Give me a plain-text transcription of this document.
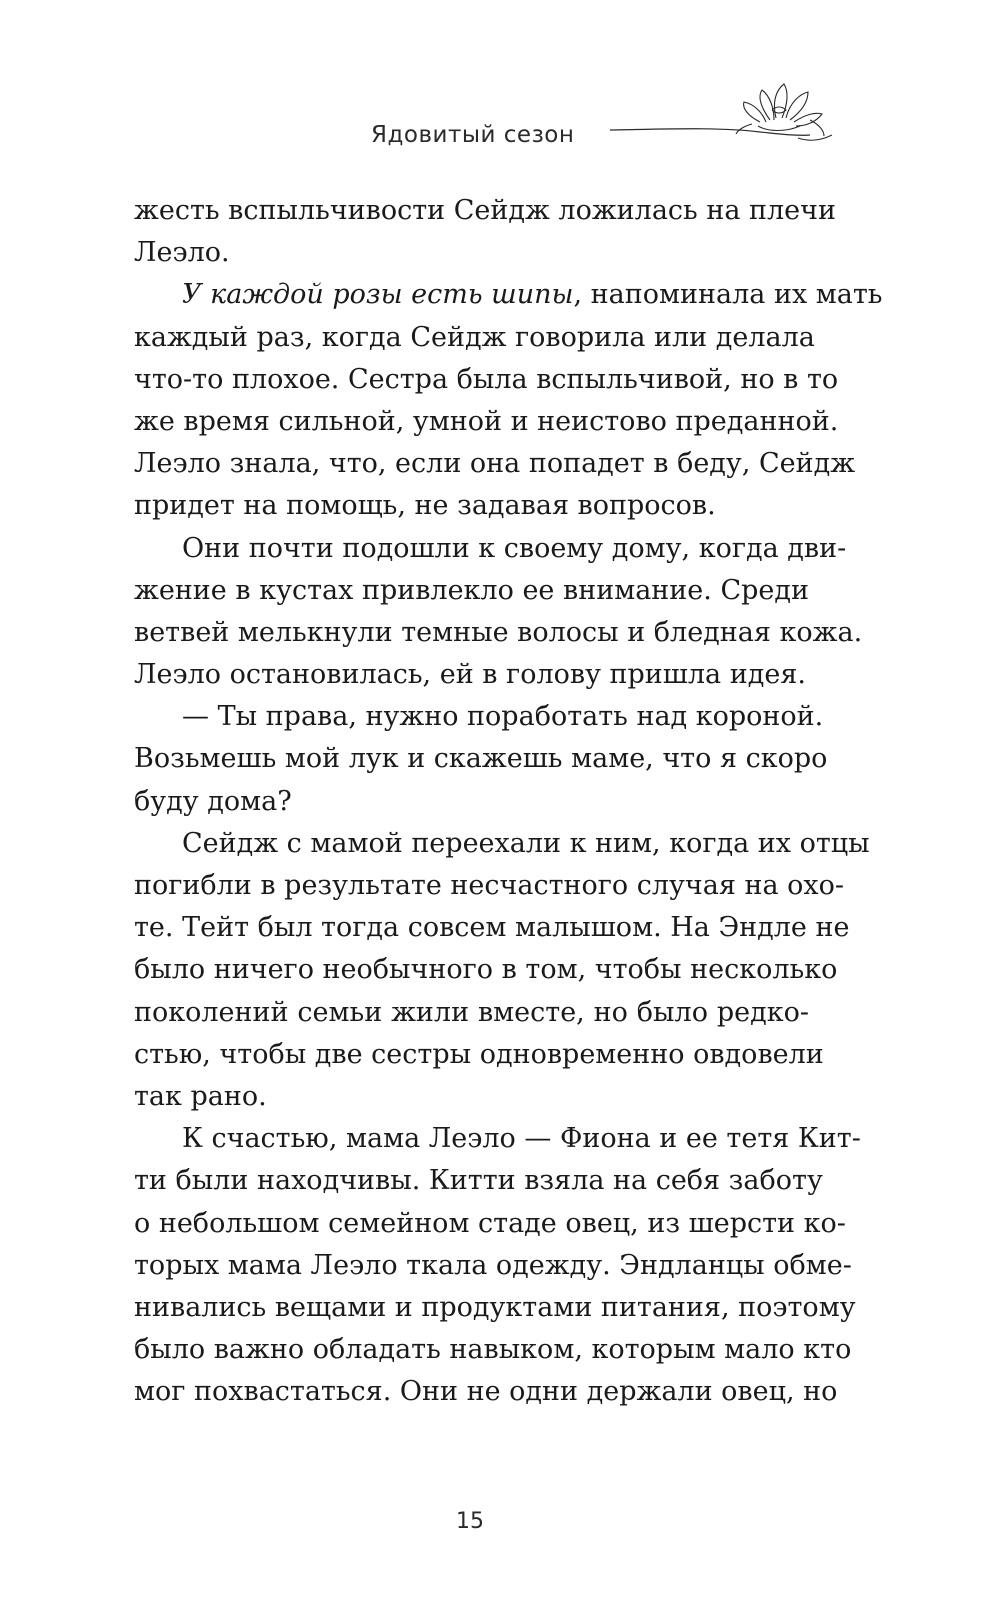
Ядовитый сезон
жесть вспыльчивости Сейдж ложилась на плечи
Леэло.
У каждой розы есть шипы, напоминала их мать
каждый раз, когда Сейдж говорила или делала
что-то плохое. Сестра была вспыльчивой, но в то
же время сильной, умной и неистово преданной.
Леэло знала, что, если она попадет в беду, Сейдж
придет на помощь, не задавая вопросов.
Они почти подошли к своему дому, когда дви-
жение в кустах привлекло ее внимание. Среди
ветвей мелькнули темные волосы и бледная кожа.
Леэло остановилась, ей в голову пришла идея.
— Ты права, нужно поработать над короной.
Возьмешь мой лук и скажешь маме, что я скоро
буду дома?
Сейдж с мамой переехали к ним, когда их отцы
погибли в результате несчастного случая на охо-
те. Тейт был тогда совсем малышом. На Эндле не
было ничего необычного в том, чтобы несколько
поколений семьи жили вместе, но было редко-
стью, чтобы две сестры одновременно овдовели
так рано.
К счастью, мама Леэло — Фиона и ее тетя Кит-
ти были находчивы. Китти взяла на себя заботу
о небольшом семейном стаде овец, из шерсти ко-
торых мама Леэло ткала одежду. Эндланцы обме-
нивались вещами и продуктами питания, поэтому
было важно обладать навыком, которым мало кто
мог похвастаться. Они не одни держали овец, но
15
